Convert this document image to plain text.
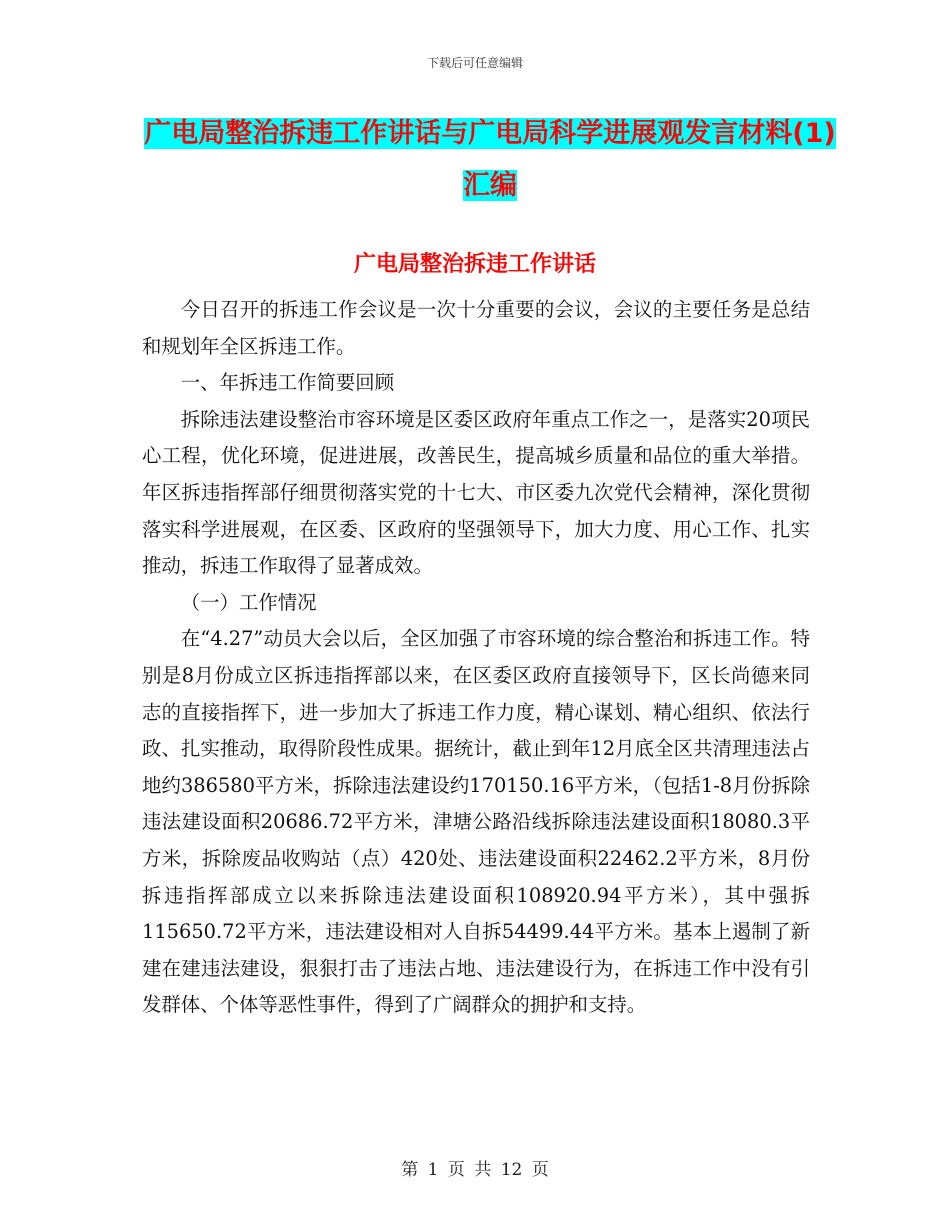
下载后可任意编辑
广电局整治拆违工作讲话与广电局科学进展观发言材料(1)汇编
广电局整治拆违工作讲话

今日召开的拆违工作会议是一次十分重要的会议，会议的主要任务是总结和规划年全区拆违工作。

一、年拆违工作简要回顾

拆除违法建设整治市容环境是区委区政府年重点工作之一，是落实20项民心工程，优化环境，促进进展，改善民生，提高城乡质量和品位的重大举措。年区拆违指挥部仔细贯彻落实党的十七大、市区委九次党代会精神，深化贯彻落实科学进展观，在区委、区政府的坚强领导下，加大力度、用心工作、扎实推动，拆违工作取得了显著成效。

（一）工作情况

在“4.27”动员大会以后，全区加强了市容环境的综合整治和拆违工作。特别是8月份成立区拆违指挥部以来，在区委区政府直接领导下，区长尚德来同志的直接指挥下，进一步加大了拆违工作力度，精心谋划、精心组织、依法行政、扎实推动，取得阶段性成果。据统计，截止到年12月底全区共清理违法占地约386580平方米，拆除违法建设约170150.16平方米，（包括1-8月份拆除违法建设面积20686.72平方米，津塘公路沿线拆除违法建设面积18080.3平方米，拆除废品收购站（点）420处、违法建设面积22462.2平方米，8月份拆违指挥部成立以来拆除违法建设面积108920.94平方米），其中强拆115650.72平方米，违法建设相对人自拆54499.44平方米。基本上遏制了新建在建违法建设，狠狠打击了违法占地、违法建设行为，在拆违工作中没有引发群体、个体等恶性事件，得到了广阔群众的拥护和支持。

第 1 页 共 12 页
